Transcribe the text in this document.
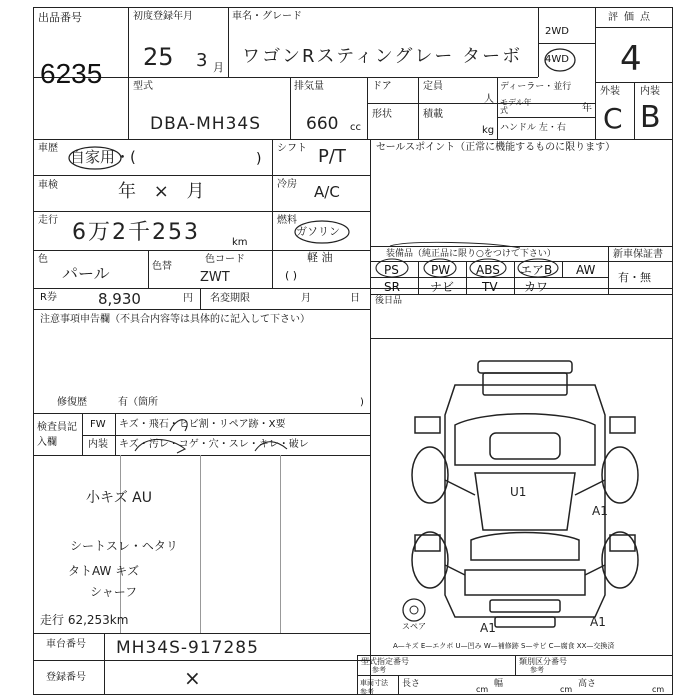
出品番号
6235
初度登録年月
25 3 月
車名・グレード
ワゴンRスティングレー ターボ
2WD
4WD
評価点
4
外装 内装
C B
型式
DBA-MH34S
排気量
660 cc
ドア	定員
人
ディーラー・並行
モデル年式	年
形状	積載
kg ハンドル 左・右
車歴 自家用・(	)
車検	年 × 月
走行 6万2千253	km
色
パール	色替
色コード
ZWT
シフト P/T
冷房 A/C
燃料
ガソリン
軽 油
( )
R券	8,930	円 名変期限	月	日
注意事項申告欄（不具合内容等は具体的に記入して下さい）
修復歴	有（箇所	)
検査員記入欄
FW キズ・飛石・ヒビ割・リペア跡・X要
内装 キズ・汚レ・コゲ・穴・スレ・キレ・破レ
小キズ AU
シートスレ・ヘタリ
タトAW キズ
シャーフ
走行 62,253km
車台番号 MH34S-917285
登録番号	×
セールスポイント（正常に機能するものに限ります）
装備品（純正品に限り○をつけて下さい）	新車保証書
有・無
PS	PW ABS エアB AW
SR	ナビ TV カワ
後日品
U1
A1
A1	A1
スペア
A—キズ E—エクボ U—凹み W—補修跡 S—サビ C—腐食 XX—交換済
型式指定番号
参考
類別区分番号
参考
車両寸法 参考
長さ
cm
幅
cm
高さ
cm
